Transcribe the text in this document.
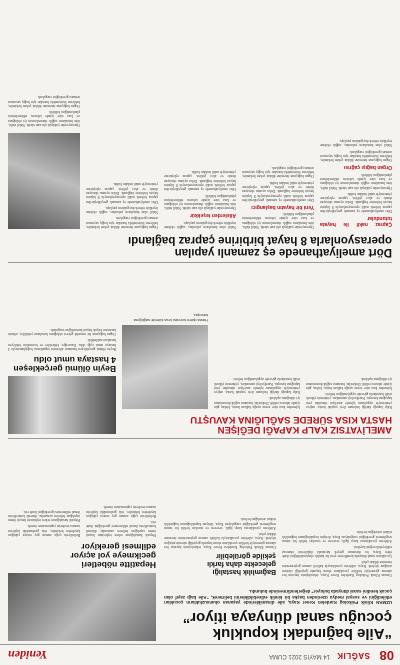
08
SAĞLIK
14 MAYIS 2021 CUMA
Yeniden
“Aile bağındaki kopukluk
çocuğu sanal dünyaya itiyor”
UZMAN Klinik Psikolog Kardelen Keser Kaya, aile dinamiklerinde yaşanan olumsuzlukların çocukları etkilediğini ve sosyal medya üzerinden başka bir kimlik edinebildiklerini belirterek, “Aile bağı zayıf olan çocuk kendini sanal dünyada buluyor” değerlendirmesinde bulundu.

Uzman Klinik Psikolog Kardelen Keser Kaya, teknolojinin hayatın her alanına girmesiyle birlikte çocukların ekran başında geçirdiği sürenin arttığını söyledi. Kaya, ailelerin çocuklarıyla kaliteli zaman geçirmesinin önemine dikkat çekti.

Çocukların sanal dünyada kendilerine yeni bir kimlik oluşturabildiğini ifade eden Kaya, bu durumun gerçek hayattaki ilişkilerini olumsuz etkileyebileceğini kaydetti.

Ailelerin çocuklarına karşı ilgili, sevecen ve sınırları belirli bir tutum sergilemesi gerektiğini vurgulayan Kaya, iletişim kopukluğunun bağımlılık riskini artırdığını belirtti.

Bağımlılık hastalığı
gelecekte daha farklı
şekilde görülebilir

Uzman Klinik Psikolog Kardelen Keser Kaya, teknolojinin hayatın her alanına girmesiyle birlikte çocukların ekran başında geçirdiği sürenin arttığını söyledi. Kaya, ailelerin çocuklarıyla kaliteli zaman geçirmesinin önemine dikkat çekti.

Ailelerin çocuklarına karşı ilgili, sevecen ve sınırları belirli bir tutum sergilemesi gerektiğini vurgulayan Kaya, iletişim kopukluğunun bağımlılık riskini artırdığını belirtti.

Hepatitte nöbetleri
gecikmeye yol açıyor
edilmesi gerekiyor

Hepatit hastalığının erken teşhisinin hayati önem taşıdığını belirten uzmanlar, düzenli kontrollerin ihmal edilmemesi gerektiğini ifade etti.

Belirtilerin çoğu zaman geç ortaya çıktığını kaydeden hekimler, risk grubundaki kişilerin tarama testlerini yaptırmasını önerdi.

Belirtilerin çoğu zaman geç ortaya çıktığını kaydeden hekimler, risk grubundaki kişilerin tarama testlerini yaptırmasını önerdi.

Hepatit hastalığının erken teşhisinin hayati önem taşıdığını belirten uzmanlar, düzenli kontrollerin ihmal edilmemesi gerektiğini ifade etti.

AMELİYATSIZ KALP KAPAĞI DEĞİŞEN
HASTA KISA SÜREDE SAĞLIĞINA KAVUŞTU

Kalp kapağı darlığı bulunan ileri yaştaki hasta, anjiyo yöntemiyle uygulanan işlemle ameliyat olmadan yeni kapağına kavuştu. Kardiyoloji uzmanları, yöntemin yüksek riskli hastalarda güvenle uygulandığını belirtti.

İşlemden kısa süre sonra ayağa kalkan hasta, birkaç gün içinde taburcu edildi. Doktorlar, hastanın sağlık durumunun iyi olduğunu açıkladı.

İşlemden kısa süre sonra ayağa kalkan hasta, birkaç gün içinde taburcu edildi. Doktorlar, hastanın sağlık durumunun iyi olduğunu açıkladı.

Kalp kapağı darlığı bulunan ileri yaştaki hasta, anjiyo yöntemiyle uygulanan işlemle ameliyat olmadan yeni kapağına kavuştu. Kardiyoloji uzmanları, yöntemin yüksek riskli hastalarda güvenle uygulandığını belirtti.

Hasta işlem sonrası kısa sürede sağlığına kavuştu.
Beyin ölümü gerçekleşen
4 hastaya umut oldu

Beyin ölümü gerçekleşen hastanın ailesinin organlarını bağışlamasıyla 4 hastaya umut ışığı oldu. Karaciğer, böbrekler ve korneaları bekleyen hastalara nakledildi.

Organ bağışının bir insanlık görevi olduğunu hatırlatan yetkililer, ailenin kararının birçok hayatı kurtardığını vurguladı.

Dört ameliyathanede eş zamanlı yapılan
operasyonlarla 8 hayat birbirine çapraz bağlandı
Çapraz nakil ile hayata tutundular

Dört ameliyathanede eş zamanlı gerçekleştirilen çapraz böbrek nakli operasyonlarıyla 8 kişinin hayatı birbirine bağlandı. Doku uyumu olmayan donör ve alıcı çiftleri, çapraz eşleştirme yöntemiyle nakil imkânı buldu.

Operasyonlar yaklaşık altı saat sürdü. Nakil ekibi, tüm hastaların sağlık durumlarının iyi olduğunu ve kısa süre içinde taburcu edilmelerinin planlandığını bildirdi.

Organ bağışı çağrısı

Organ bağışının önemine dikkat çeken hekimler, bekleme listesindeki hastalar için bağış sayısının artması gerektiğini vurguladı.

Nakil olan hastaların yakınları, sağlık ekibine teşekkür ederek duygularını paylaştı.

Operasyonlar yaklaşık altı saat sürdü. Nakil ekibi, tüm hastaların sağlık durumlarının iyi olduğunu ve kısa süre içinde taburcu edilmelerinin planlandığını bildirdi.

Yeni bir hayatın başlangıcı

Dört ameliyathanede eş zamanlı gerçekleştirilen çapraz böbrek nakli operasyonlarıyla 8 kişinin hayatı birbirine bağlandı. Doku uyumu olmayan donör ve alıcı çiftleri, çapraz eşleştirme yöntemiyle nakil imkânı buldu.

Organ bağışının önemine dikkat çeken hekimler, bekleme listesindeki hastalar için bağış sayısının artması gerektiğini vurguladı.

Nakil olan hastaların yakınları, sağlık ekibine teşekkür ederek duygularını paylaştı.

Ailelerden teşekkür

Operasyonlar yaklaşık altı saat sürdü. Nakil ekibi, tüm hastaların sağlık durumlarının iyi olduğunu ve kısa süre içinde taburcu edilmelerinin planlandığını bildirdi.

Dört ameliyathanede eş zamanlı gerçekleştirilen çapraz böbrek nakli operasyonlarıyla 8 kişinin hayatı birbirine bağlandı. Doku uyumu olmayan donör ve alıcı çiftleri, çapraz eşleştirme yöntemiyle nakil imkânı buldu.

Organ bağışının önemine dikkat çeken hekimler, bekleme listesindeki hastalar için bağış sayısının artması gerektiğini vurguladı.

Nakil olan hastaların yakınları, sağlık ekibine teşekkür ederek duygularını paylaştı.

Dört ameliyathanede eş zamanlı gerçekleştirilen çapraz böbrek nakli operasyonlarıyla 8 kişinin hayatı birbirine bağlandı. Doku uyumu olmayan donör ve alıcı çiftleri, çapraz eşleştirme yöntemiyle nakil imkânı buldu.

Operasyonlar yaklaşık altı saat sürdü. Nakil ekibi, tüm hastaların sağlık durumlarının iyi olduğunu ve kısa süre içinde taburcu edilmelerinin planlandığını bildirdi.

Organ bağışının önemine dikkat çeken hekimler, bekleme listesindeki hastalar için bağış sayısının artması gerektiğini vurguladı.
